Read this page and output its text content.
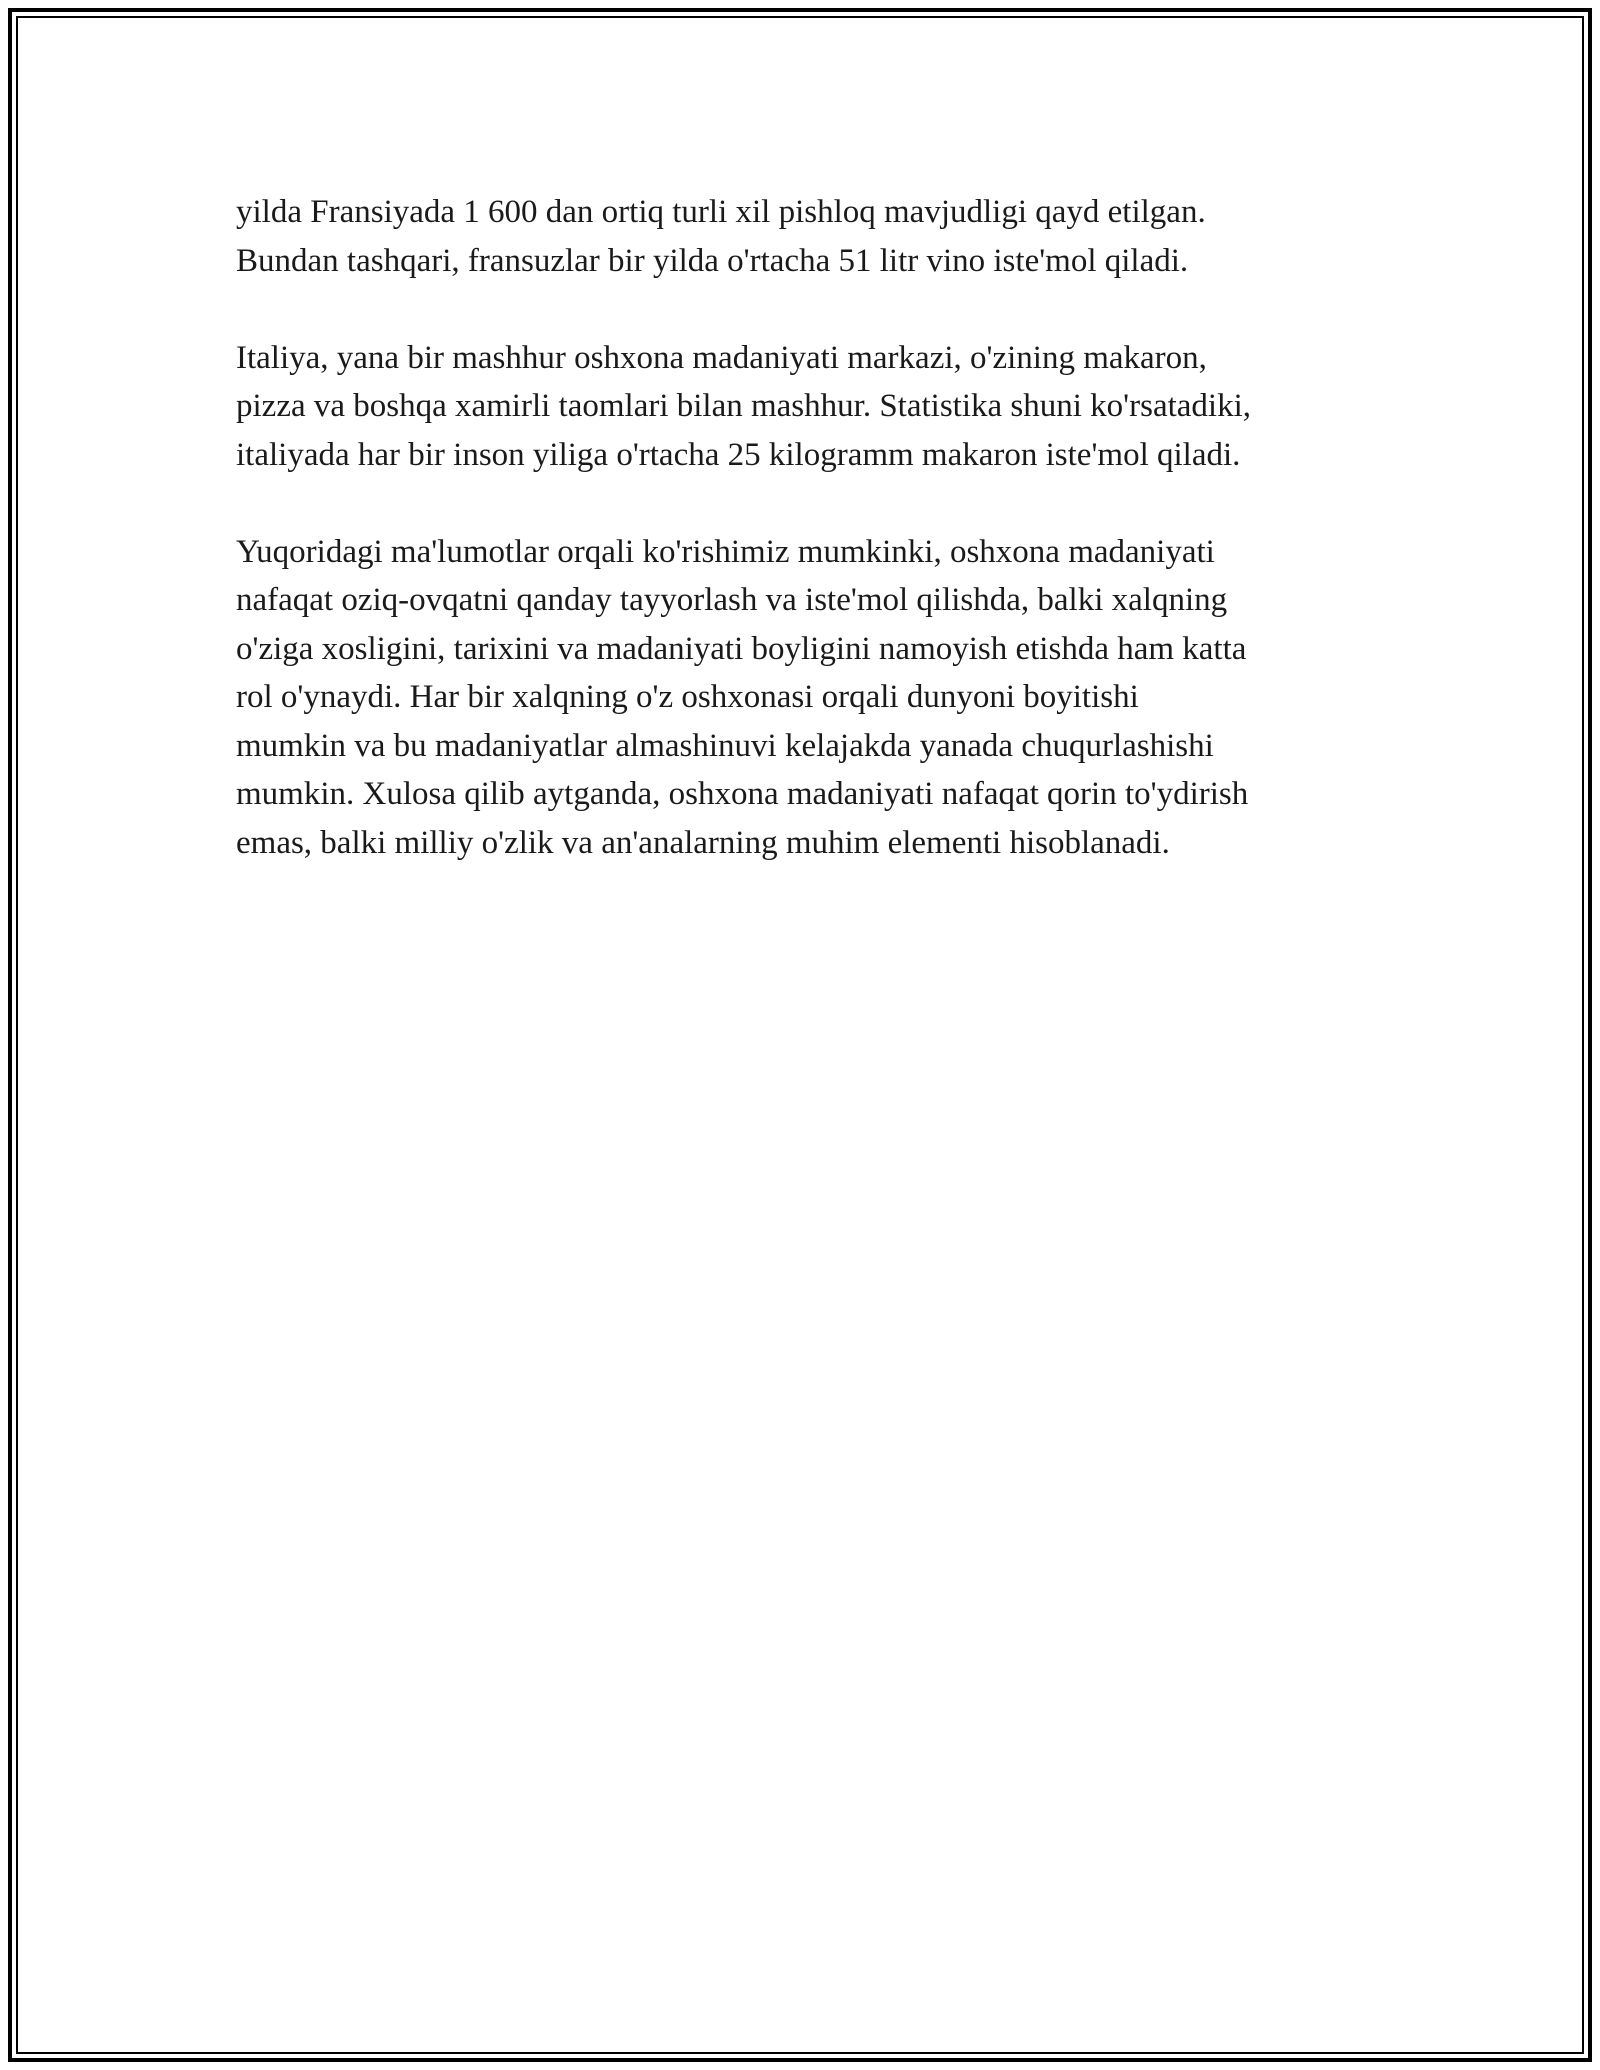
yilda Fransiyada 1 600 dan ortiq turli xil pishloq mavjudligi qayd etilgan.
Bundan tashqari, fransuzlar bir yilda o'rtacha 51 litr vino iste'mol qiladi.

Italiya, yana bir mashhur oshxona madaniyati markazi, o'zining makaron,
pizza va boshqa xamirli taomlari bilan mashhur. Statistika shuni ko'rsatadiki,
italiyada har bir inson yiliga o'rtacha 25 kilogramm makaron iste'mol qiladi.

Yuqoridagi ma'lumotlar orqali ko'rishimiz mumkinki, oshxona madaniyati
nafaqat oziq-ovqatni qanday tayyorlash va iste'mol qilishda, balki xalqning
o'ziga xosligini, tarixini va madaniyati boyligini namoyish etishda ham katta
rol o'ynaydi. Har bir xalqning o'z oshxonasi orqali dunyoni boyitishi
mumkin va bu madaniyatlar almashinuvi kelajakda yanada chuqurlashishi
mumkin. Xulosa qilib aytganda, oshxona madaniyati nafaqat qorin to'ydirish
emas, balki milliy o'zlik va an'analarning muhim elementi hisoblanadi.
